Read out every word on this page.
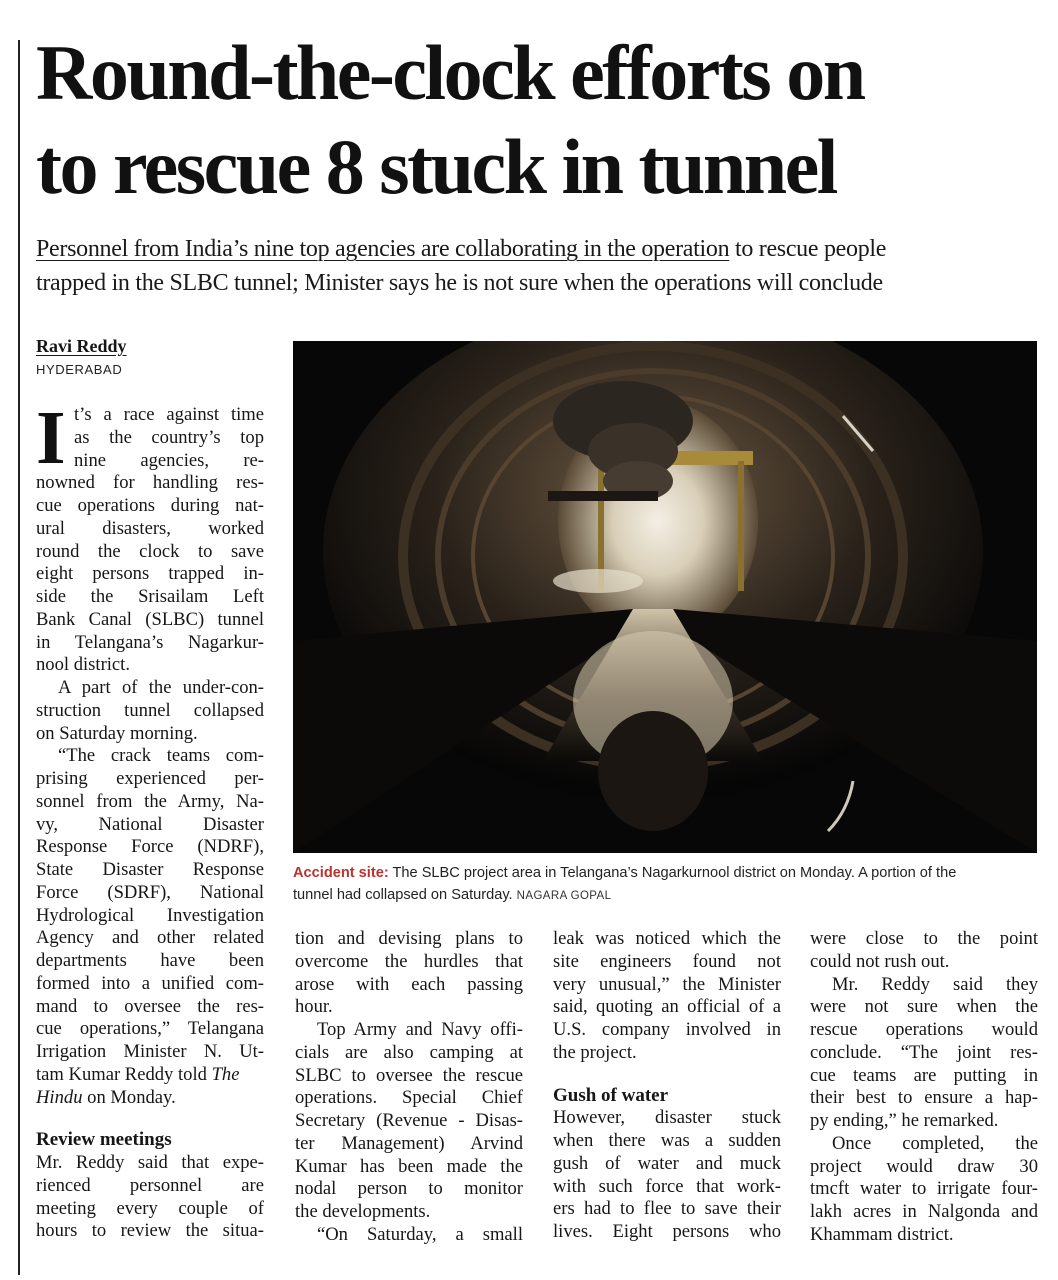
Round-the-clock efforts on
to rescue 8 stuck in tunnel
Personnel from India’s nine top agencies are collaborating in the operation to rescue people
trapped in the SLBC tunnel; Minister says he is not sure when the operations will conclude
Ravi Reddy
HYDERABAD
I t’s a race against time
as the country’s top
nine agencies, re-
nowned for handling res-
cue operations during nat-
ural disasters, worked
round the clock to save
eight persons trapped in-
side the Srisailam Left
Bank Canal (SLBC) tunnel
in Telangana’s Nagarkur-
nool district.
A part of the under-con-
struction tunnel collapsed
on Saturday morning.
“The crack teams com-
prising experienced per-
sonnel from the Army, Na-
vy, National Disaster
Response Force (NDRF),
State Disaster Response
Force (SDRF), National
Hydrological Investigation
Agency and other related
departments have been
formed into a unified com-
mand to oversee the res-
cue operations,” Telangana
Irrigation Minister N. Ut-
tam Kumar Reddy told The
Hindu on Monday.
Review meetings
Mr. Reddy said that expe-
rienced personnel are
meeting every couple of
hours to review the situa-
Accident site: The SLBC project area in Telangana’s Nagarkurnool district on Monday. A portion of the
tunnel had collapsed on Saturday. NAGARA GOPAL
tion and devising plans to
overcome the hurdles that
arose with each passing
hour.
Top Army and Navy offi-
cials are also camping at
SLBC to oversee the rescue
operations. Special Chief
Secretary (Revenue - Disas-
ter Management) Arvind
Kumar has been made the
nodal person to monitor
the developments.
“On Saturday, a small
leak was noticed which the
site engineers found not
very unusual,” the Minister
said, quoting an official of a
U.S. company involved in
the project.
Gush of water
However, disaster stuck
when there was a sudden
gush of water and muck
with such force that work-
ers had to flee to save their
lives. Eight persons who
were close to the point
could not rush out.
Mr. Reddy said they
were not sure when the
rescue operations would
conclude. “The joint res-
cue teams are putting in
their best to ensure a hap-
py ending,” he remarked.
Once completed, the
project would draw 30
tmcft water to irrigate four-
lakh acres in Nalgonda and
Khammam district.
